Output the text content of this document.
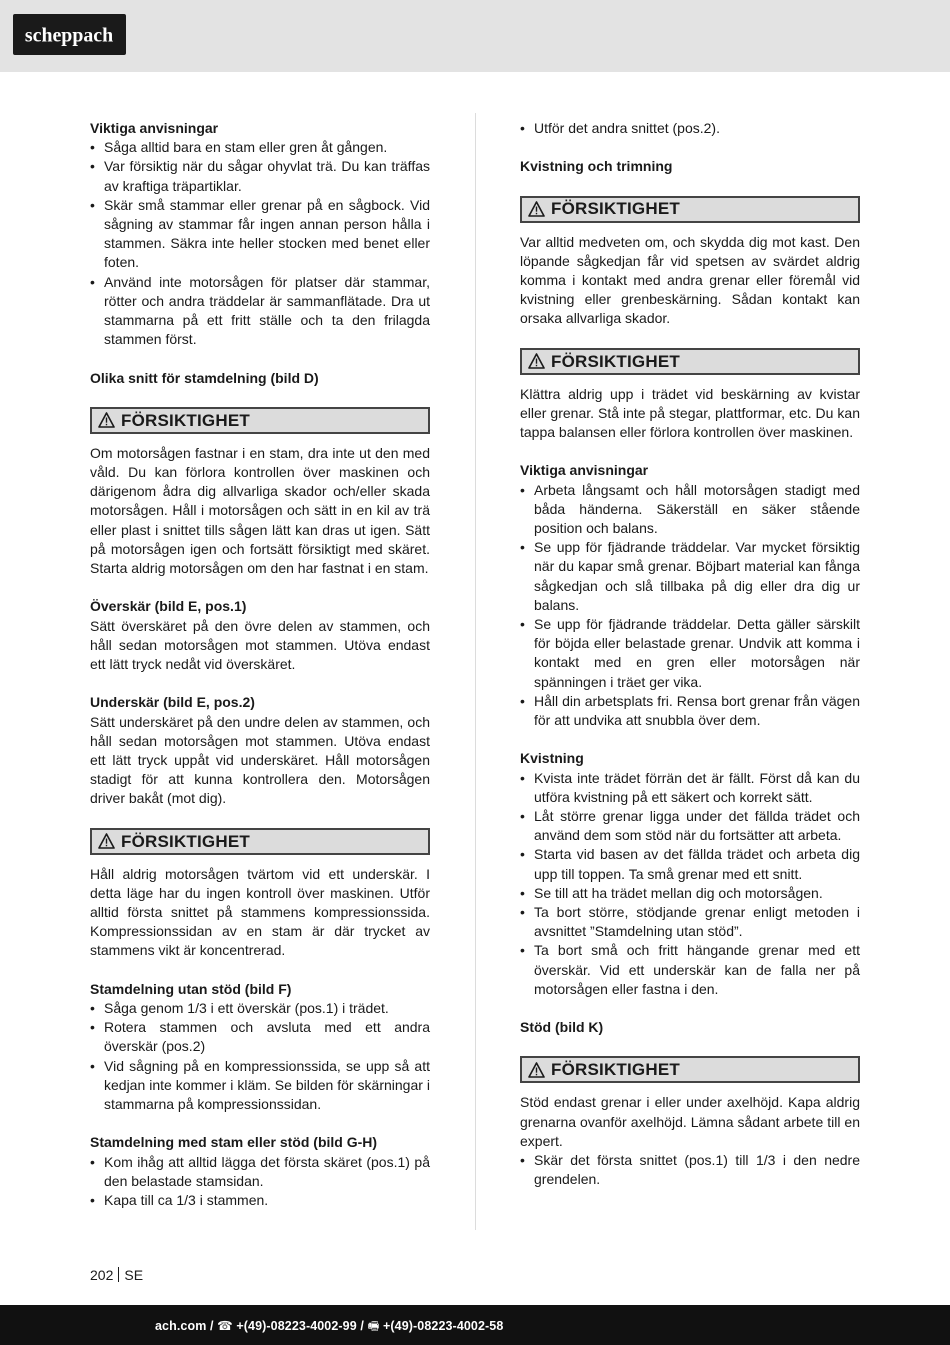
scheppach
Viktiga anvisningar
• Såga alltid bara en stam eller gren åt gången.
• Var försiktig när du sågar ohyvlat trä. Du kan träffas av kraftiga träpartiklar.
• Skär små stammar eller grenar på en sågbock. Vid sågning av stammar får ingen annan person hålla i stammen. Säkra inte heller stocken med benet eller foten.
• Använd inte motorsågen för platser där stammar, rötter och andra träddelar är sammanflätade. Dra ut stammarna på ett fritt ställe och ta den frilagda stammen först.
Olika snitt för stamdelning (bild D)
FÖRSIKTIGHET
Om motorsågen fastnar i en stam, dra inte ut den med våld. Du kan förlora kontrollen över maskinen och därigenom ådra dig allvarliga skador och/eller skada motorsågen. Håll i motorsågen och sätt in en kil av trä eller plast i snittet tills sågen lätt kan dras ut igen. Sätt på motorsågen igen och fortsätt försiktigt med skäret. Starta aldrig motorsågen om den har fastnat i en stam.
Överskär (bild E, pos.1)
Sätt överskäret på den övre delen av stammen, och håll sedan motorsågen mot stammen. Utöva endast ett lätt tryck nedåt vid överskäret.
Underskär (bild E, pos.2)
Sätt underskäret på den undre delen av stammen, och håll sedan motorsågen mot stammen. Utöva endast ett lätt tryck uppåt vid underskäret. Håll motorsågen stadigt för att kunna kontrollera den. Motorsågen driver bakåt (mot dig).
FÖRSIKTIGHET
Håll aldrig motorsågen tvärtom vid ett underskär. I detta läge har du ingen kontroll över maskinen. Utför alltid första snittet på stammens kompressionssida. Kompressionssidan av en stam är där trycket av stammens vikt är koncentrerad.
Stamdelning utan stöd (bild F)
• Såga genom 1/3 i ett överskär (pos.1) i trädet.
• Rotera stammen och avsluta med ett andra överskär (pos.2)
• Vid sågning på en kompressionssida, se upp så att kedjan inte kommer i kläm. Se bilden för skärningar i stammarna på kompressionssidan.
Stamdelning med stam eller stöd (bild G-H)
• Kom ihåg att alltid lägga det första skäret (pos.1) på den belastade stamsidan.
• Kapa till ca 1/3 i stammen.
• Utför det andra snittet (pos.2).
Kvistning och trimning
FÖRSIKTIGHET
Var alltid medveten om, och skydda dig mot kast. Den löpande sågkedjan får vid spetsen av svärdet aldrig komma i kontakt med andra grenar eller föremål vid kvistning eller grenbeskärning. Sådan kontakt kan orsaka allvarliga skador.
FÖRSIKTIGHET
Klättra aldrig upp i trädet vid beskärning av kvistar eller grenar. Stå inte på stegar, plattformar, etc. Du kan tappa balansen eller förlora kontrollen över maskinen.
Viktiga anvisningar
• Arbeta långsamt och håll motorsågen stadigt med båda händerna. Säkerställ en säker stående position och balans.
• Se upp för fjädrande träddelar. Var mycket försiktig när du kapar små grenar. Böjbart material kan fånga sågkedjan och slå tillbaka på dig eller dra dig ur balans.
• Se upp för fjädrande träddelar. Detta gäller särskilt för böjda eller belastade grenar. Undvik att komma i kontakt med en gren eller motorsågen när spänningen i träet ger vika.
• Håll din arbetsplats fri. Rensa bort grenar från vägen för att undvika att snubbla över dem.
Kvistning
• Kvista inte trädet förrän det är fällt. Först då kan du utföra kvistning på ett säkert och korrekt sätt.
• Låt större grenar ligga under det fällda trädet och använd dem som stöd när du fortsätter att arbeta.
• Starta vid basen av det fällda trädet och arbeta dig upp till toppen. Ta små grenar med ett snitt.
• Se till att ha trädet mellan dig och motorsågen.
• Ta bort större, stödjande grenar enligt metoden i avsnittet ”Stamdelning utan stöd”.
• Ta bort små och fritt hängande grenar med ett överskär. Vid ett underskär kan de falla ner på motorsågen eller fastna i den.
Stöd (bild K)
FÖRSIKTIGHET
Stöd endast grenar i eller under axelhöjd. Kapa aldrig grenarna ovanför axelhöjd. Lämna sådant arbete till en expert.
• Skär det första snittet (pos.1) till 1/3 i den nedre grendelen.
202 SE
ach.com / ☎ +(49)-08223-4002-99 / 🖷 +(49)-08223-4002-58
